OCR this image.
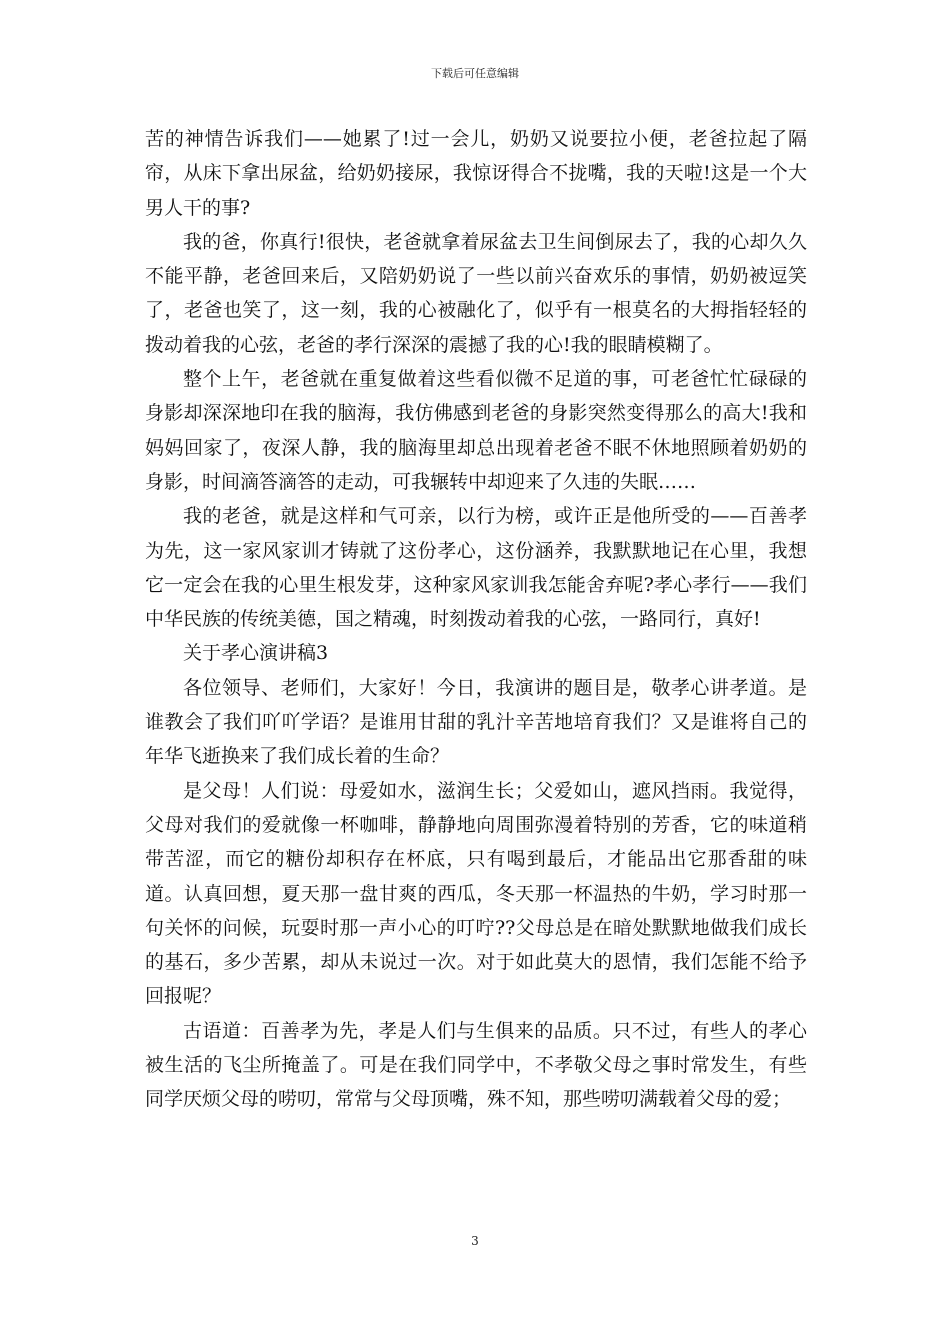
下载后可任意编辑

苦的神情告诉我们——她累了!过一会儿，奶奶又说要拉小便，老爸拉起了隔帘，从床下拿出尿盆，给奶奶接尿，我惊讶得合不拢嘴，我的天啦!这是一个大男人干的事?

我的爸，你真行!很快，老爸就拿着尿盆去卫生间倒尿去了，我的心却久久不能平静，老爸回来后，又陪奶奶说了一些以前兴奋欢乐的事情，奶奶被逗笑了，老爸也笑了，这一刻，我的心被融化了，似乎有一根莫名的大拇指轻轻的拨动着我的心弦，老爸的孝行深深的震撼了我的心!我的眼睛模糊了。

整个上午，老爸就在重复做着这些看似微不足道的事，可老爸忙忙碌碌的身影却深深地印在我的脑海，我仿佛感到老爸的身影突然变得那么的高大!我和妈妈回家了，夜深人静，我的脑海里却总出现着老爸不眠不休地照顾着奶奶的身影，时间滴答滴答的走动，可我辗转中却迎来了久违的失眠……

我的老爸，就是这样和气可亲，以行为榜，或许正是他所受的——百善孝为先，这一家风家训才铸就了这份孝心，这份涵养，我默默地记在心里，我想它一定会在我的心里生根发芽，这种家风家训我怎能舍弃呢?孝心孝行——我们中华民族的传统美德，国之精魂，时刻拨动着我的心弦，一路同行，真好!

关于孝心演讲稿3

各位领导、老师们，大家好！今日，我演讲的题目是，敬孝心讲孝道。是谁教会了我们吖吖学语？是谁用甘甜的乳汁辛苦地培育我们？又是谁将自己的年华飞逝换来了我们成长着的生命？

是父母！人们说：母爱如水，滋润生长；父爱如山，遮风挡雨。我觉得，父母对我们的爱就像一杯咖啡，静静地向周围弥漫着特别的芳香，它的味道稍带苦涩，而它的糖份却积存在杯底，只有喝到最后，才能品出它那香甜的味道。认真回想，夏天那一盘甘爽的西瓜，冬天那一杯温热的牛奶，学习时那一句关怀的问候，玩耍时那一声小心的叮咛??父母总是在暗处默默地做我们成长的基石，多少苦累，却从未说过一次。对于如此莫大的恩情，我们怎能不给予回报呢？

古语道：百善孝为先，孝是人们与生俱来的品质。只不过，有些人的孝心被生活的飞尘所掩盖了。可是在我们同学中，不孝敬父母之事时常发生，有些同学厌烦父母的唠叨，常常与父母顶嘴，殊不知，那些唠叨满载着父母的爱；

3
